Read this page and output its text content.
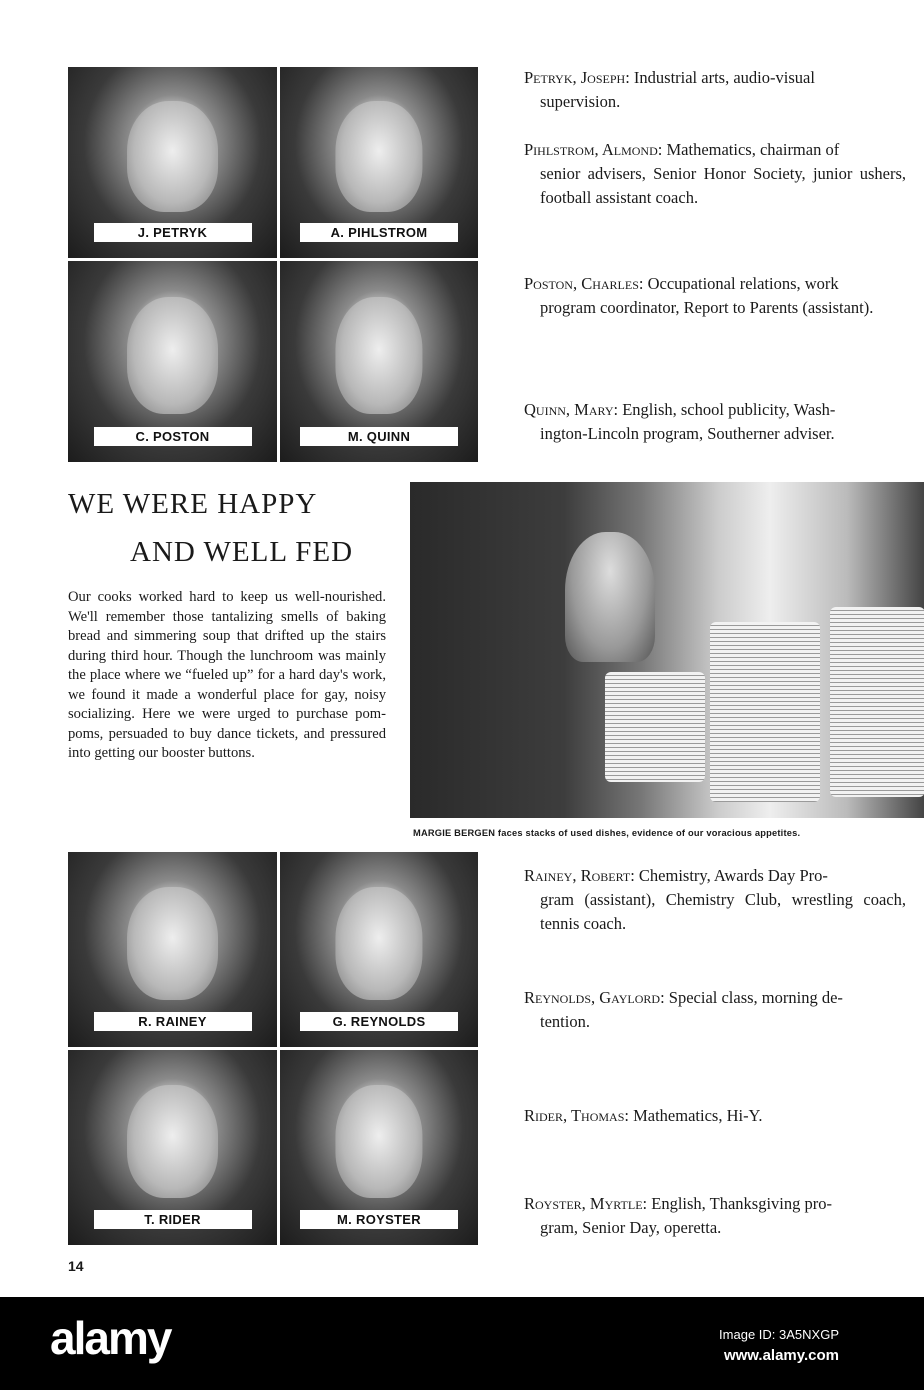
J. PETRYK	A. PIHLSTROM
C. POSTON	M. QUINN
Petryk, Joseph: Industrial arts, audio-visual
supervision.
Pihlstrom, Almond: Mathematics, chairman of
senior advisers, Senior Honor Society, junior ushers, football assistant coach.
Poston, Charles: Occupational relations, work
program coordinator, Report to Parents (assistant).
Quinn, Mary: English, school publicity, Wash-
ington-Lincoln program, Southerner adviser.
WE WERE HAPPY
AND WELL FED

Our cooks worked hard to keep us well-nourished. We'll remember those tantalizing smells of baking bread and simmering soup that drifted up the stairs during third hour. Though the lunchroom was mainly the place where we “fueled up” for a hard day's work, we found it made a wonderful place for gay, noisy socializing. Here we were urged to purchase pom-poms, persuaded to buy dance tickets, and pressured into getting our booster buttons.

MARGIE BERGEN faces stacks of used dishes, evidence of our voracious appetites.
R. RAINEY	G. REYNOLDS
T. RIDER	M. ROYSTER
Rainey, Robert: Chemistry, Awards Day Pro-
gram (assistant), Chemistry Club, wrestling coach, tennis coach.
Reynolds, Gaylord: Special class, morning de-
tention.
Rider, Thomas: Mathematics, Hi-Y.
Royster, Myrtle: English, Thanksgiving pro-
gram, Senior Day, operetta.
14
alamy	Image ID: 3A5NXGP
www.alamy.com
